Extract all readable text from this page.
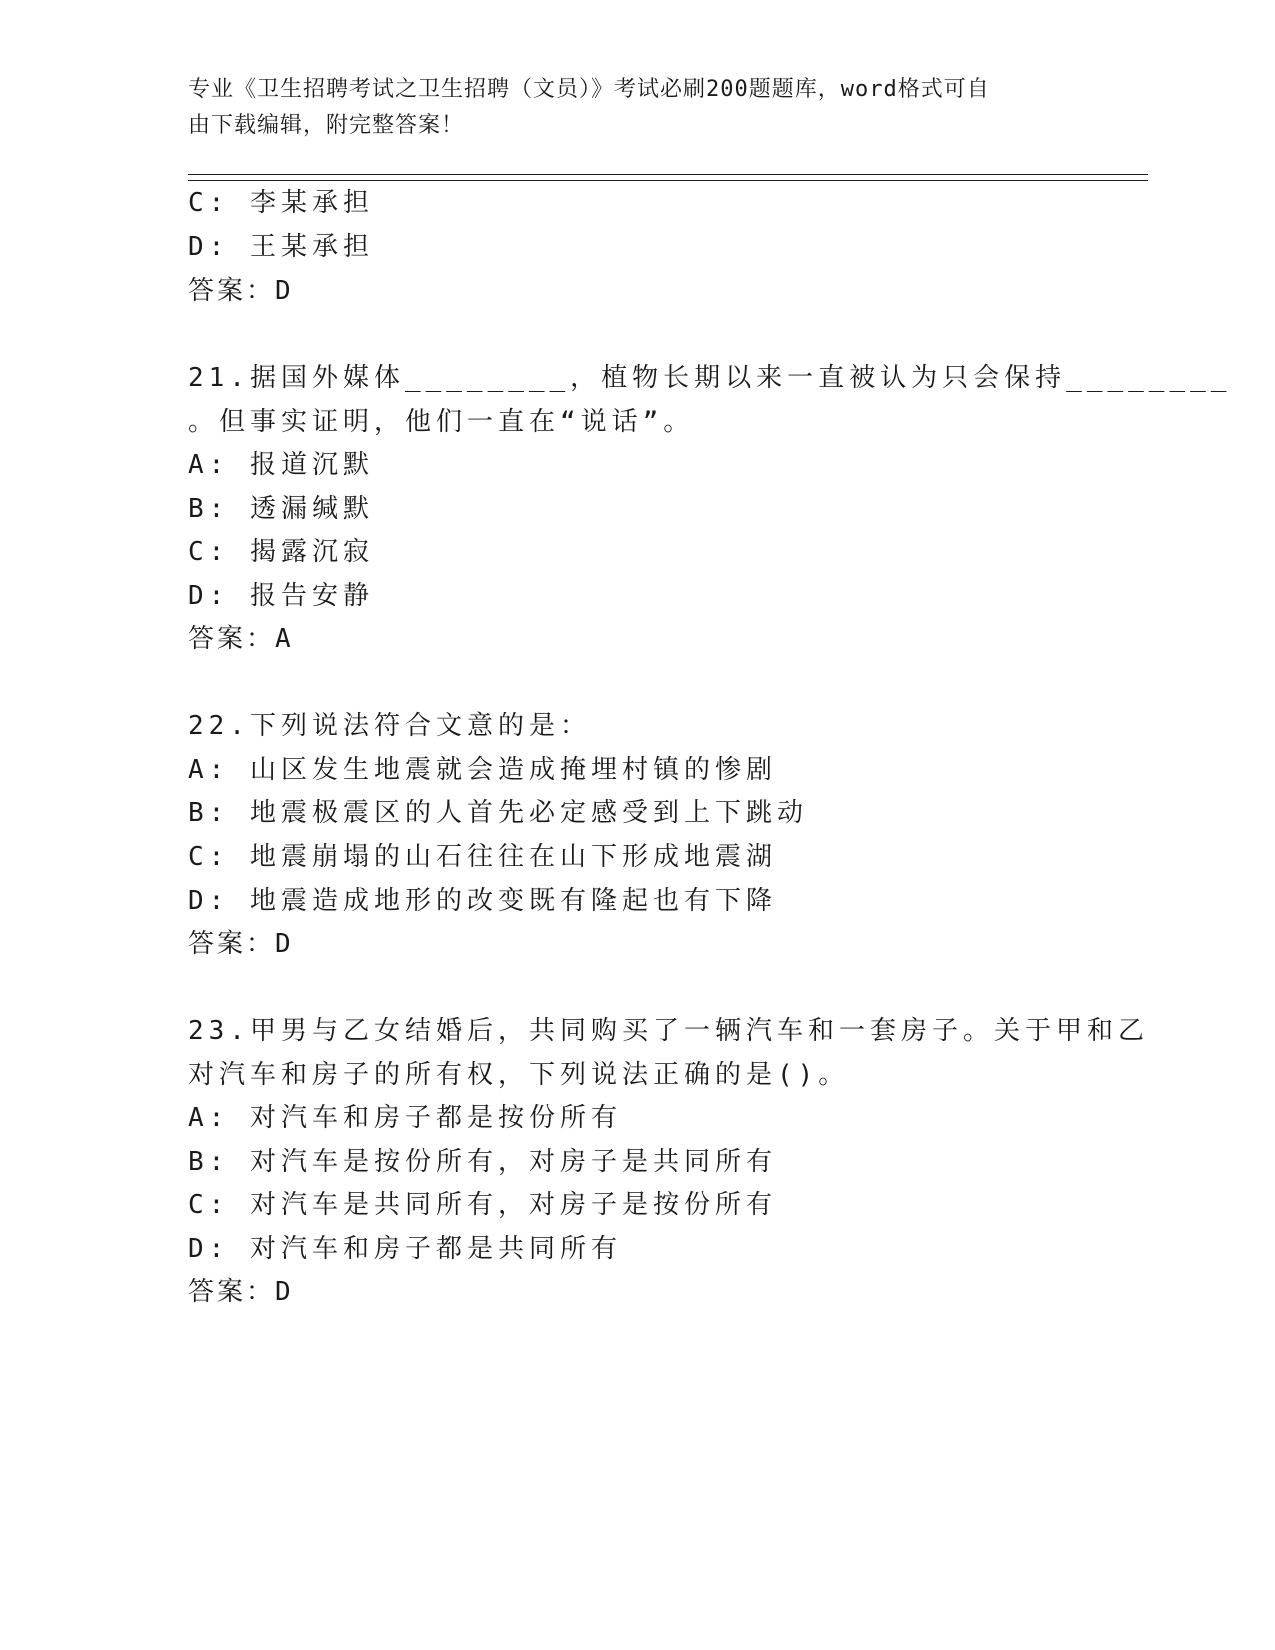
专业《卫生招聘考试之卫生招聘（文员）》考试必刷200题题库，word格式可自
由下载编辑，附完整答案！
C: 李某承担
D: 王某承担
答案：D
21.据国外媒体________，植物长期以来一直被认为只会保持________
。但事实证明，他们一直在“说话”。
A: 报道沉默
B: 透漏缄默
C: 揭露沉寂
D: 报告安静
答案：A
22.下列说法符合文意的是：
A: 山区发生地震就会造成掩埋村镇的惨剧
B: 地震极震区的人首先必定感受到上下跳动
C: 地震崩塌的山石往往在山下形成地震湖
D: 地震造成地形的改变既有隆起也有下降
答案：D
23.甲男与乙女结婚后，共同购买了一辆汽车和一套房子。关于甲和乙
对汽车和房子的所有权，下列说法正确的是()。
A: 对汽车和房子都是按份所有
B: 对汽车是按份所有，对房子是共同所有
C: 对汽车是共同所有，对房子是按份所有
D: 对汽车和房子都是共同所有
答案：D
